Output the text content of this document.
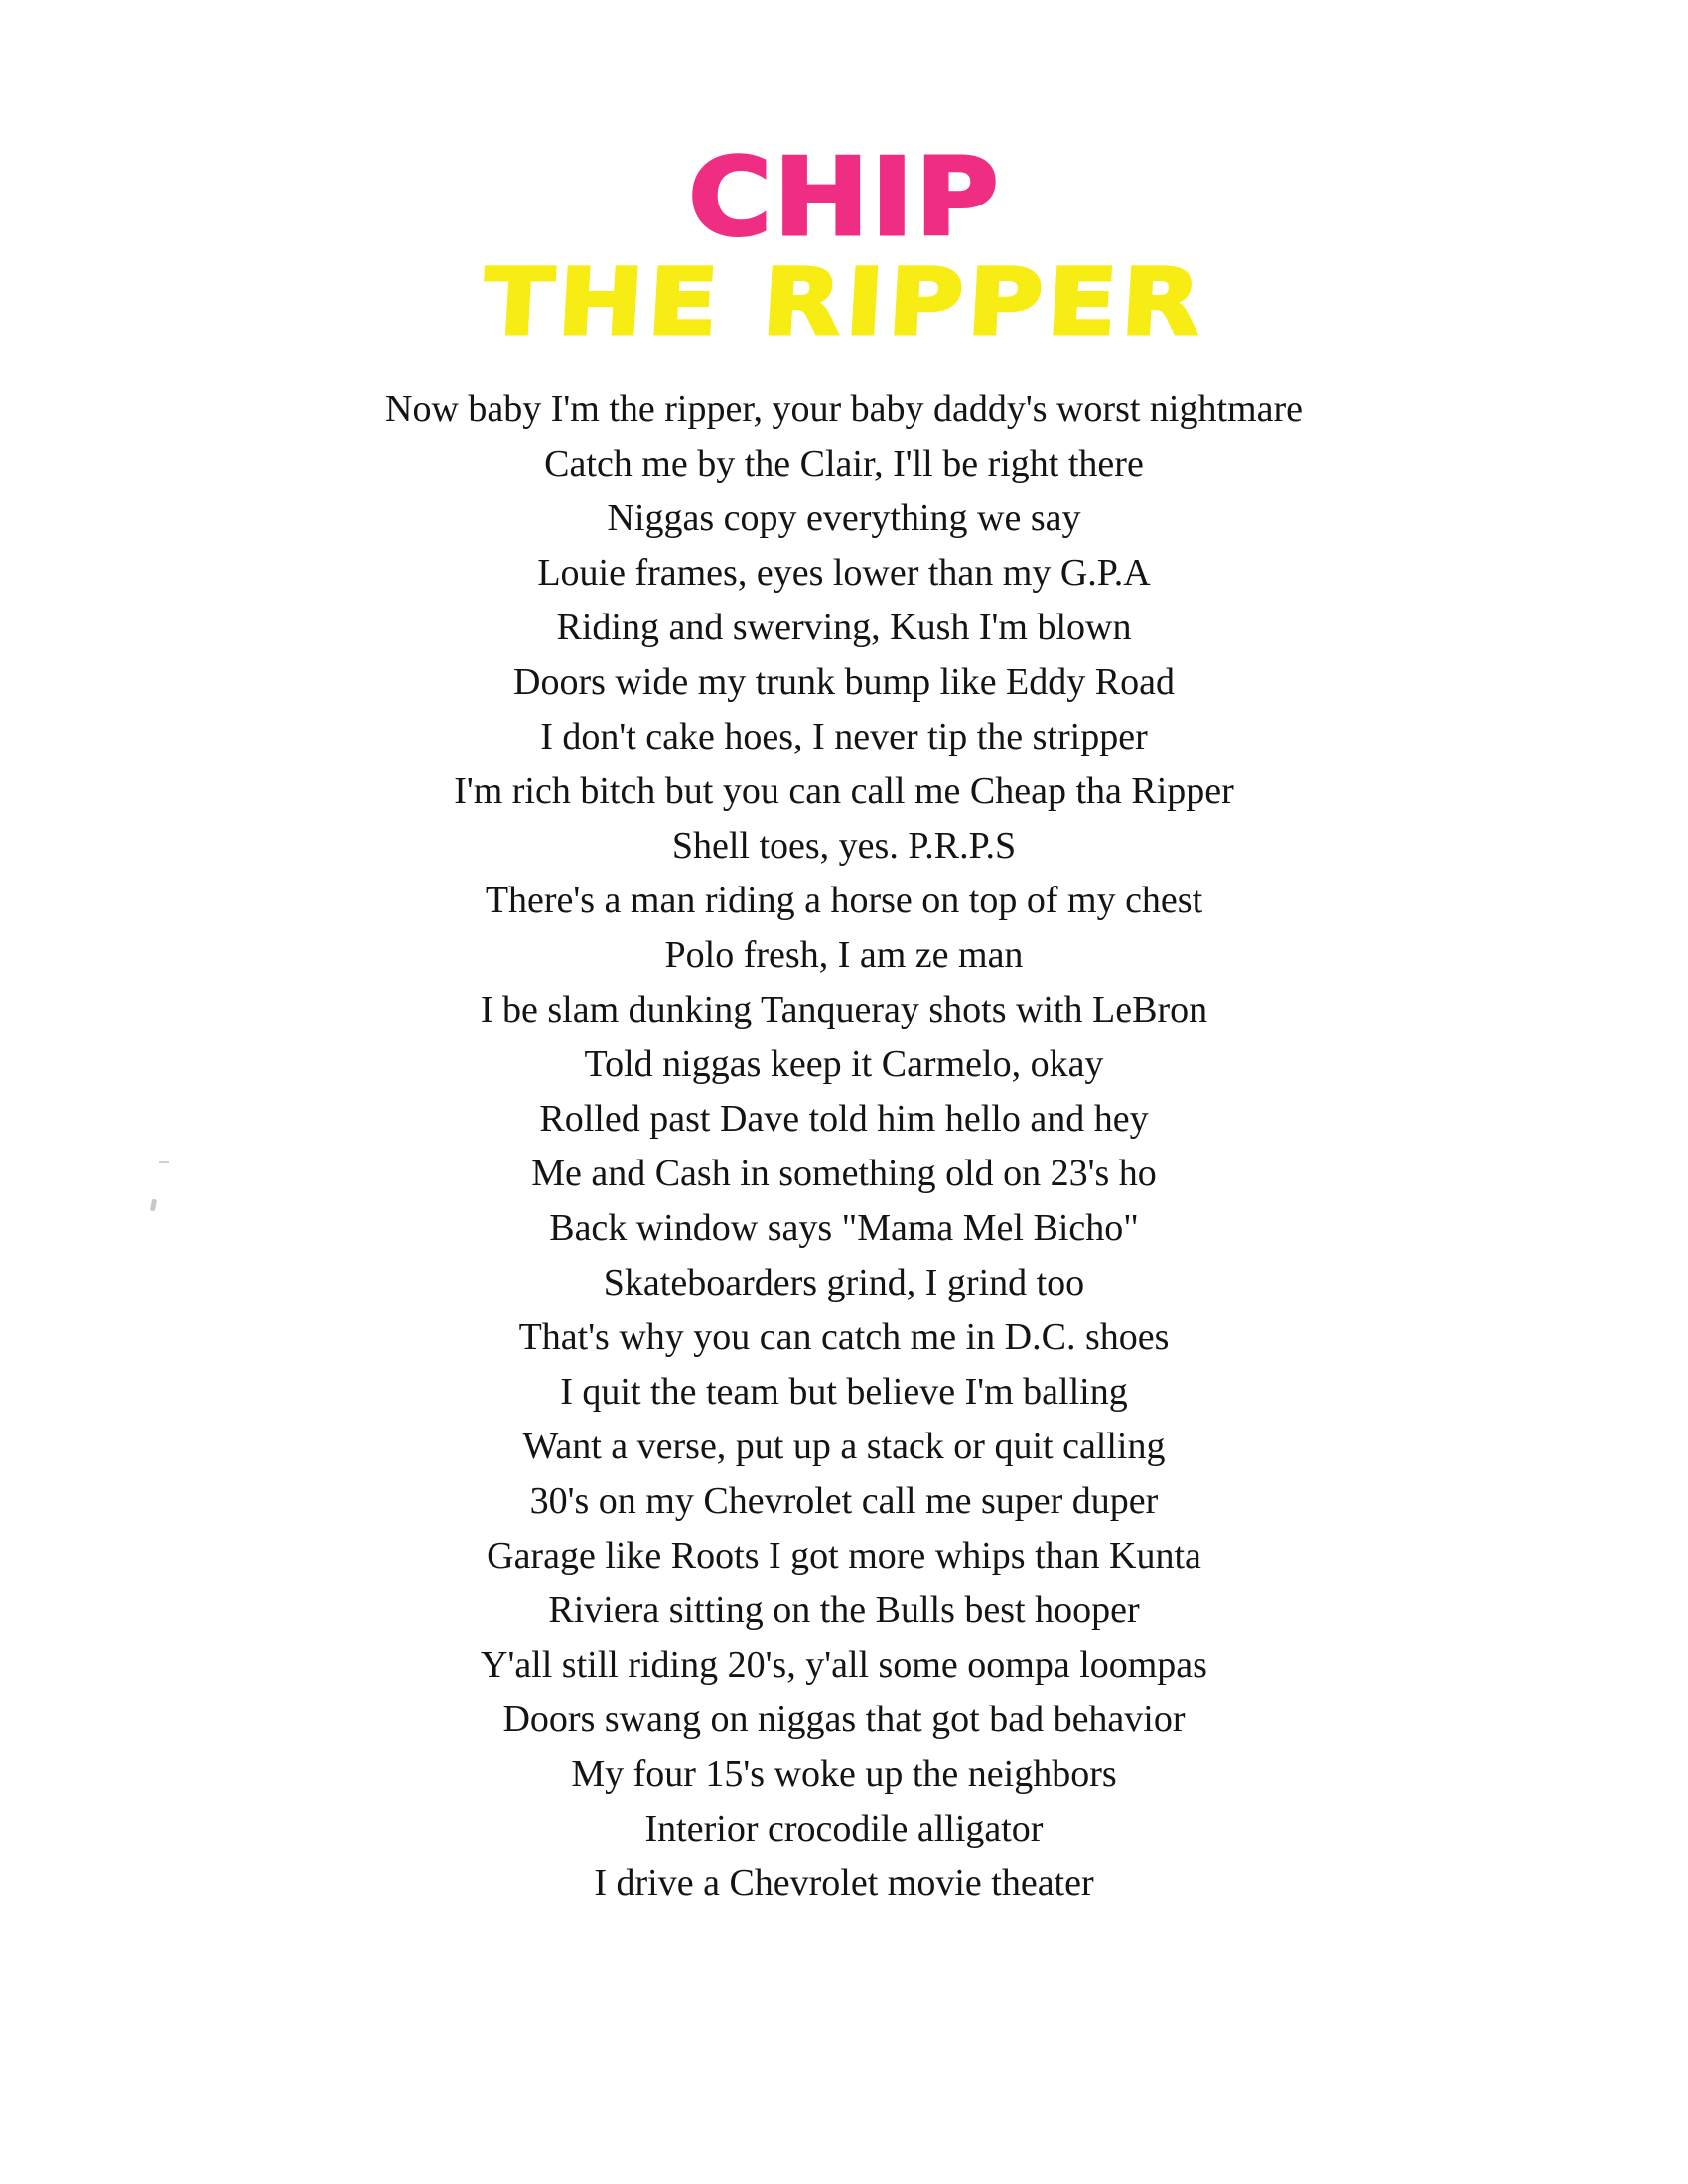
CHIP
THE RIPPER
Now baby I'm the ripper, your baby daddy's worst nightmare
Catch me by the Clair, I'll be right there
Niggas copy everything we say
Louie frames, eyes lower than my G.P.A
Riding and swerving, Kush I'm blown
Doors wide my trunk bump like Eddy Road
I don't cake hoes, I never tip the stripper
I'm rich bitch but you can call me Cheap tha Ripper
Shell toes, yes. P.R.P.S
There's a man riding a horse on top of my chest
Polo fresh, I am ze man
I be slam dunking Tanqueray shots with LeBron
Told niggas keep it Carmelo, okay
Rolled past Dave told him hello and hey
Me and Cash in something old on 23's ho
Back window says "Mama Mel Bicho"
Skateboarders grind, I grind too
That's why you can catch me in D.C. shoes
I quit the team but believe I'm balling
Want a verse, put up a stack or quit calling
30's on my Chevrolet call me super duper
Garage like Roots I got more whips than Kunta
Riviera sitting on the Bulls best hooper
Y'all still riding 20's, y'all some oompa loompas
Doors swang on niggas that got bad behavior
My four 15's woke up the neighbors
Interior crocodile alligator
I drive a Chevrolet movie theater
